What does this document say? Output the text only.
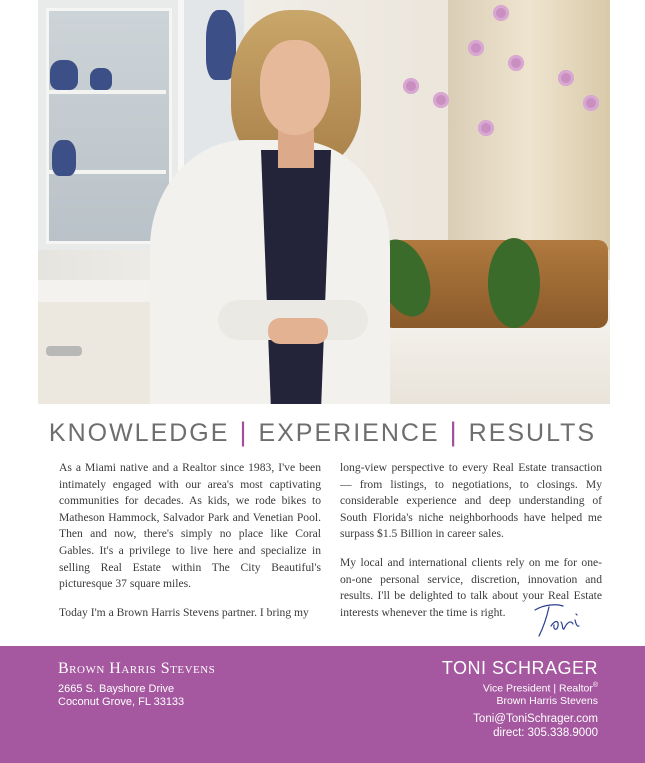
KNOWLEDGE | EXPERIENCE | RESULTS

As a Miami native and a Realtor since 1983, I've been intimately engaged with our area's most captivating communities for decades. As kids, we rode bikes to Matheson Hammock, Salvador Park and Venetian Pool. Then and now, there's simply no place like Coral Gables. It's a privilege to live here and specialize in selling Real Estate within The City Beautiful's picturesque 37 square miles.

Today I'm a Brown Harris Stevens partner. I bring my

long-view perspective to every Real Estate transaction — from listings, to negotiations, to closings. My considerable experience and deep understanding of South Florida's niche neighborhoods have helped me surpass $1.5 Billion in career sales.

My local and international clients rely on me for one-on-one personal service, discretion, innovation and results. I'll be delighted to talk about your Real Estate interests whenever the time is right.

Brown Harris Stevens
2665 S. Bayshore Drive
Coconut Grove, FL 33133
TONI SCHRAGER
Vice President | Realtor®
Brown Harris Stevens
Toni@ToniSchrager.com
direct: 305.338.9000
